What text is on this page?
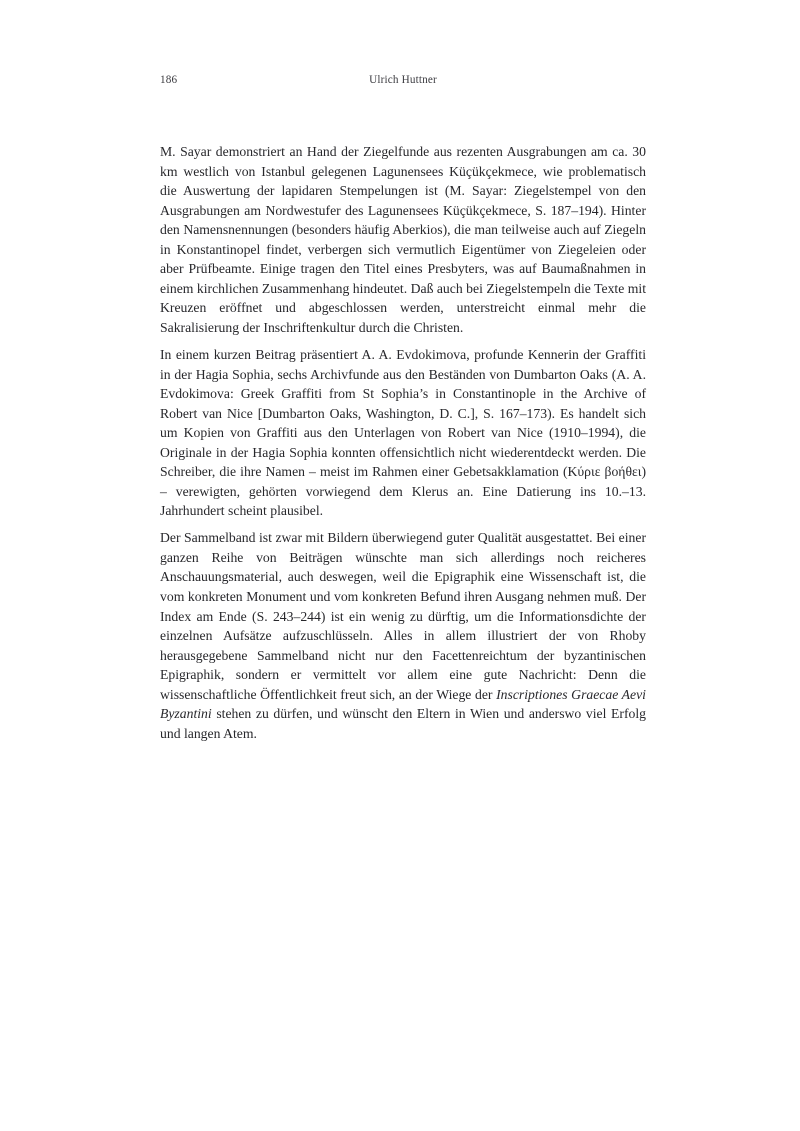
186	Ulrich Huttner

M. Sayar demonstriert an Hand der Ziegelfunde aus rezenten Ausgrabungen am ca. 30 km westlich von Istanbul gelegenen Lagunensees Küçükçekmece, wie problematisch die Auswertung der lapidaren Stempelungen ist (M. Sayar: Ziegelstempel von den Ausgrabungen am Nordwestufer des Lagunensees Küçükçekmece, S. 187–194). Hinter den Namensnennungen (besonders häufig Aberkios), die man teilweise auch auf Ziegeln in Konstantinopel findet, verbergen sich vermutlich Eigentümer von Ziegeleien oder aber Prüfbeamte. Einige tragen den Titel eines Presbyters, was auf Baumaßnahmen in einem kirchlichen Zusammenhang hindeutet. Daß auch bei Ziegelstempeln die Texte mit Kreuzen eröffnet und abgeschlossen werden, unterstreicht einmal mehr die Sakralisierung der Inschriftenkultur durch die Christen.

In einem kurzen Beitrag präsentiert A. A. Evdokimova, profunde Kennerin der Graffiti in der Hagia Sophia, sechs Archivfunde aus den Beständen von Dumbarton Oaks (A. A. Evdokimova: Greek Graffiti from St Sophia’s in Constantinople in the Archive of Robert van Nice [Dumbarton Oaks, Washington, D. C.], S. 167–173). Es handelt sich um Kopien von Graffiti aus den Unterlagen von Robert van Nice (1910–1994), die Originale in der Hagia Sophia konnten offensichtlich nicht wiederentdeckt werden. Die Schreiber, die ihre Namen – meist im Rahmen einer Gebetsakklamation (Κύριε βοήθει) – verewigten, gehörten vorwiegend dem Klerus an. Eine Datierung ins 10.–13. Jahrhundert scheint plausibel.

Der Sammelband ist zwar mit Bildern überwiegend guter Qualität ausgestattet. Bei einer ganzen Reihe von Beiträgen wünschte man sich allerdings noch reicheres Anschauungsmaterial, auch deswegen, weil die Epigraphik eine Wissenschaft ist, die vom konkreten Monument und vom konkreten Befund ihren Ausgang nehmen muß. Der Index am Ende (S. 243–244) ist ein wenig zu dürftig, um die Informationsdichte der einzelnen Aufsätze aufzuschlüsseln. Alles in allem illustriert der von Rhoby herausgegebene Sammelband nicht nur den Facettenreichtum der byzantinischen Epigraphik, sondern er vermittelt vor allem eine gute Nachricht: Denn die wissenschaftliche Öffentlichkeit freut sich, an der Wiege der Inscriptiones Graecae Aevi Byzantini stehen zu dürfen, und wünscht den Eltern in Wien und anderswo viel Erfolg und langen Atem.
